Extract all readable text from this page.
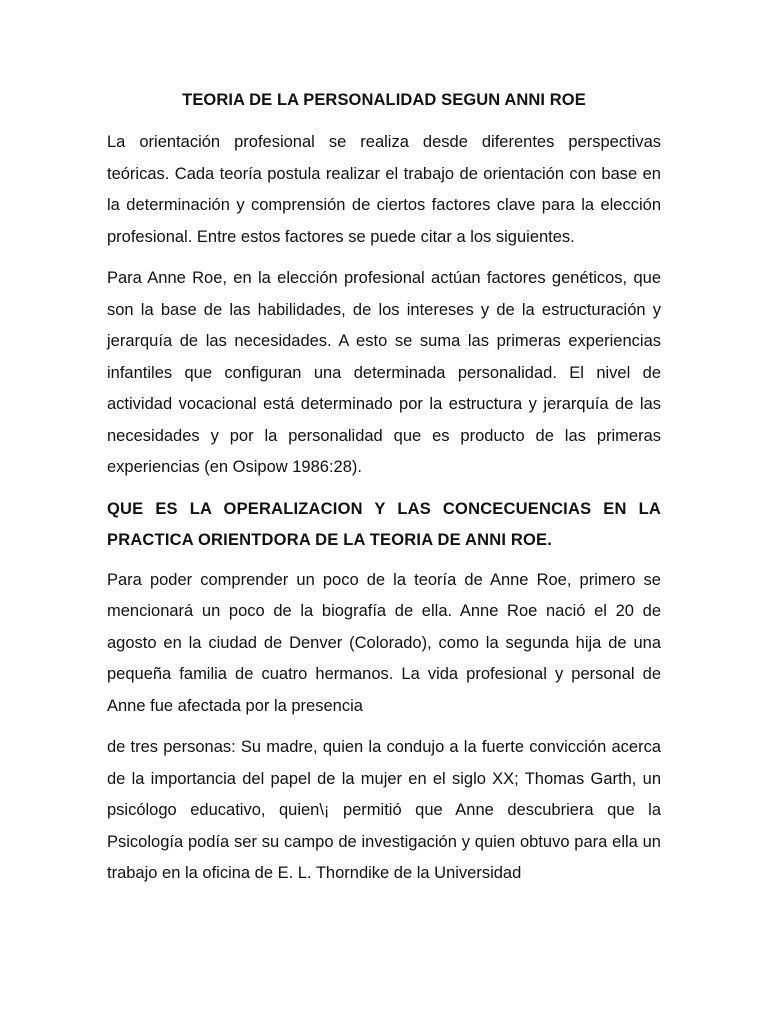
TEORIA DE LA PERSONALIDAD SEGUN ANNI ROE

La orientación profesional se realiza desde diferentes perspectivas teóricas. Cada teoría postula realizar el trabajo de orientación con base en la determinación y comprensión de ciertos factores clave para la elección profesional. Entre estos factores se puede citar a los siguientes.

Para Anne Roe, en la elección profesional actúan factores genéticos, que son la base de las habilidades, de los intereses y de la estructuración y jerarquía de las necesidades. A esto se suma las primeras experiencias infantiles que configuran una determinada personalidad. El nivel de actividad vocacional está determinado por la estructura y jerarquía de las necesidades y por la personalidad que es producto de las primeras experiencias (en Osipow 1986:28).

QUE ES LA OPERALIZACION Y LAS CONCECUENCIAS EN LA PRACTICA ORIENTDORA DE LA TEORIA DE ANNI ROE.

Para poder comprender un poco de la teoría de Anne Roe, primero se mencionará un poco de la biografía de ella. Anne Roe nació el 20 de agosto en la ciudad de Denver (Colorado), como la segunda hija de una pequeña familia de cuatro hermanos. La vida profesional y personal de Anne fue afectada por la presencia

de tres personas: Su madre, quien la condujo a la fuerte convicción acerca de la importancia del papel de la mujer en el siglo XX; Thomas Garth, un psicólogo educativo, quien\¡ permitió que Anne descubriera que la Psicología podía ser su campo de investigación y quien obtuvo para ella un trabajo en la oficina de E. L. Thorndike de la Universidad
